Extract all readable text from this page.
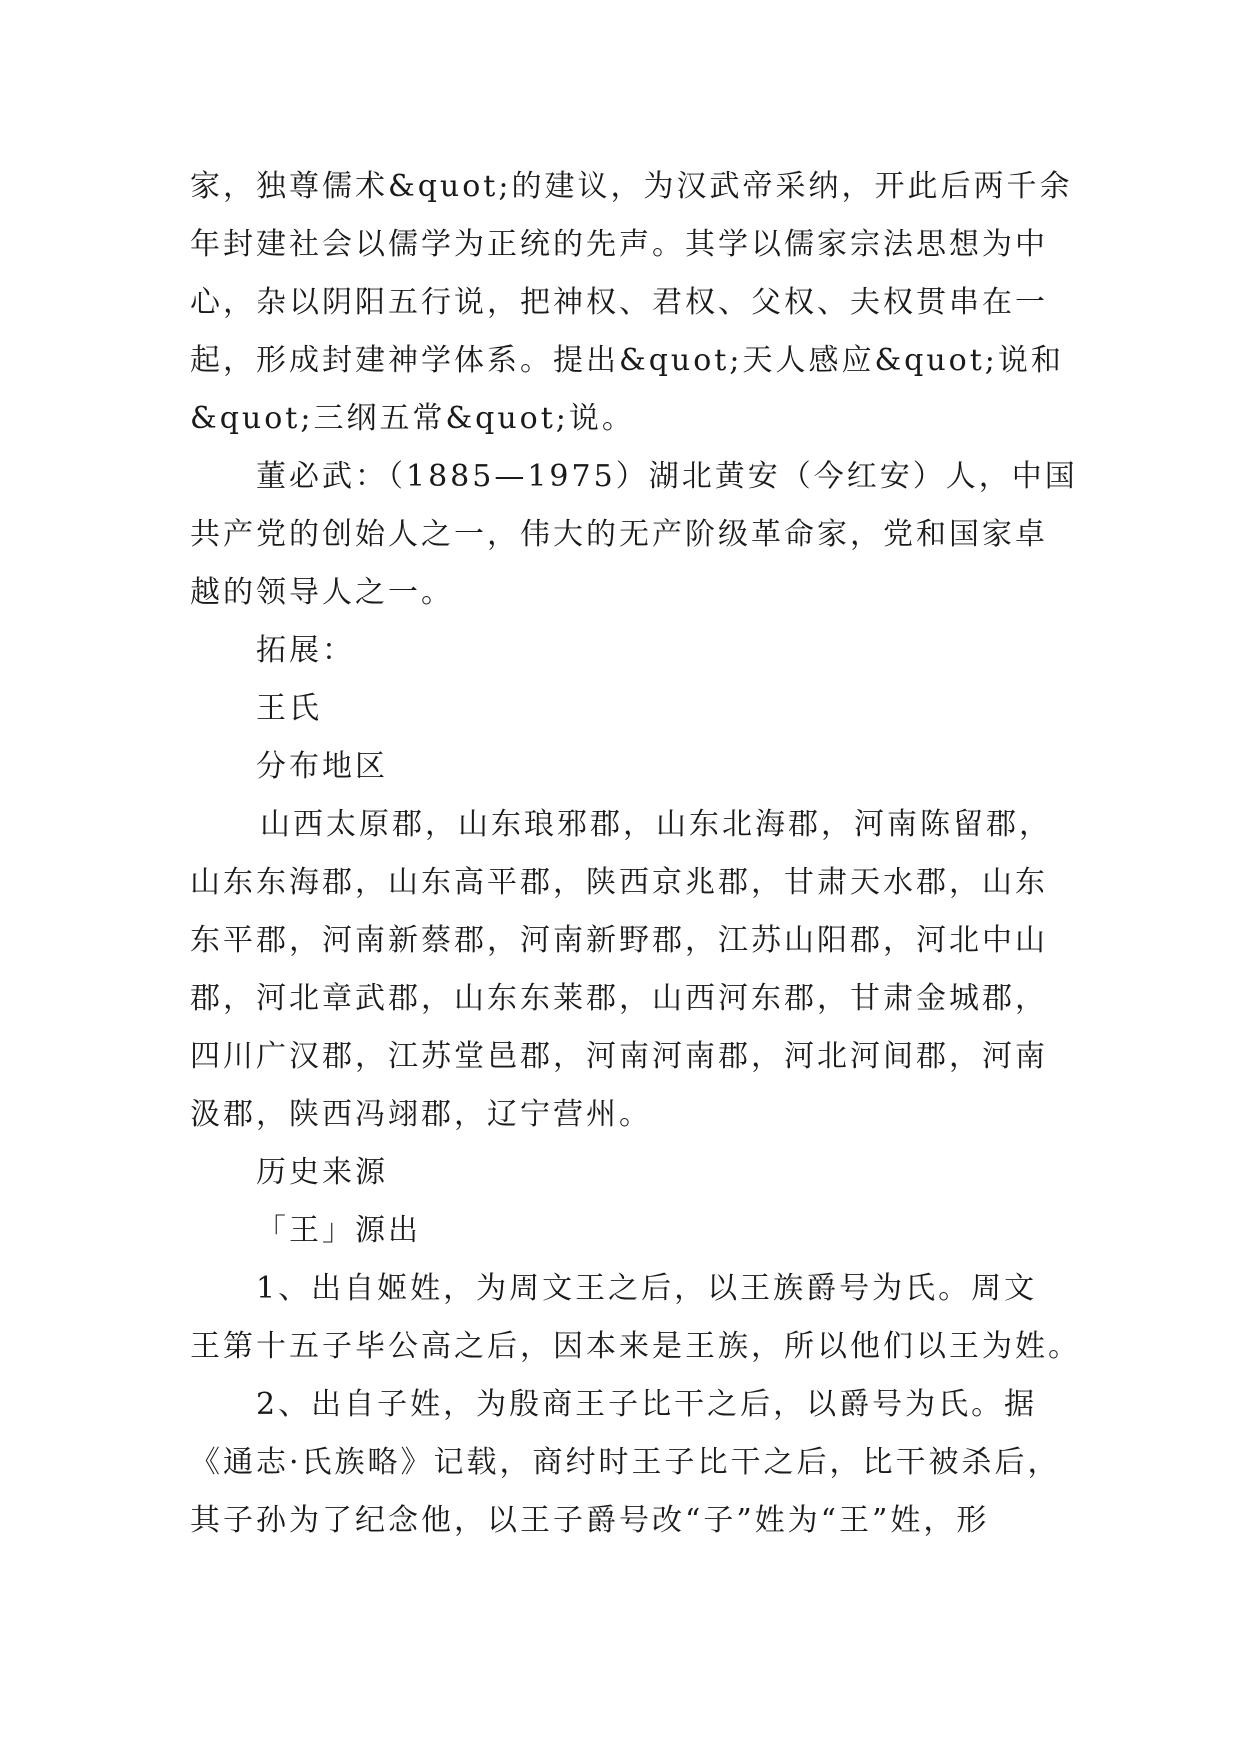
家，独尊儒术&quot;的建议，为汉武帝采纳，开此后两千余

年封建社会以儒学为正统的先声。其学以儒家宗法思想为中

心，杂以阴阳五行说，把神权、君权、父权、夫权贯串在一

起，形成封建神学体系。提出&quot;天人感应&quot;说和

&quot;三纲五常&quot;说。

董必武：（1885—1975）湖北黄安（今红安）人，中国

共产党的创始人之一，伟大的无产阶级革命家，党和国家卓

越的领导人之一。

拓展：

王氏

分布地区

山西太原郡，山东琅邪郡，山东北海郡，河南陈留郡，

山东东海郡，山东高平郡，陕西京兆郡，甘肃天水郡，山东

东平郡，河南新蔡郡，河南新野郡，江苏山阳郡，河北中山

郡，河北章武郡，山东东莱郡，山西河东郡，甘肃金城郡，

四川广汉郡，江苏堂邑郡，河南河南郡，河北河间郡，河南

汲郡，陕西冯翊郡，辽宁营州。

历史来源

「王」源出

1、出自姬姓，为周文王之后，以王族爵号为氏。周文

王第十五子毕公高之后，因本来是王族，所以他们以王为姓。

2、出自子姓，为殷商王子比干之后，以爵号为氏。据

《通志·氏族略》记载，商纣时王子比干之后，比干被杀后，

其子孙为了纪念他，以王子爵号改“子”姓为“王”姓，形
